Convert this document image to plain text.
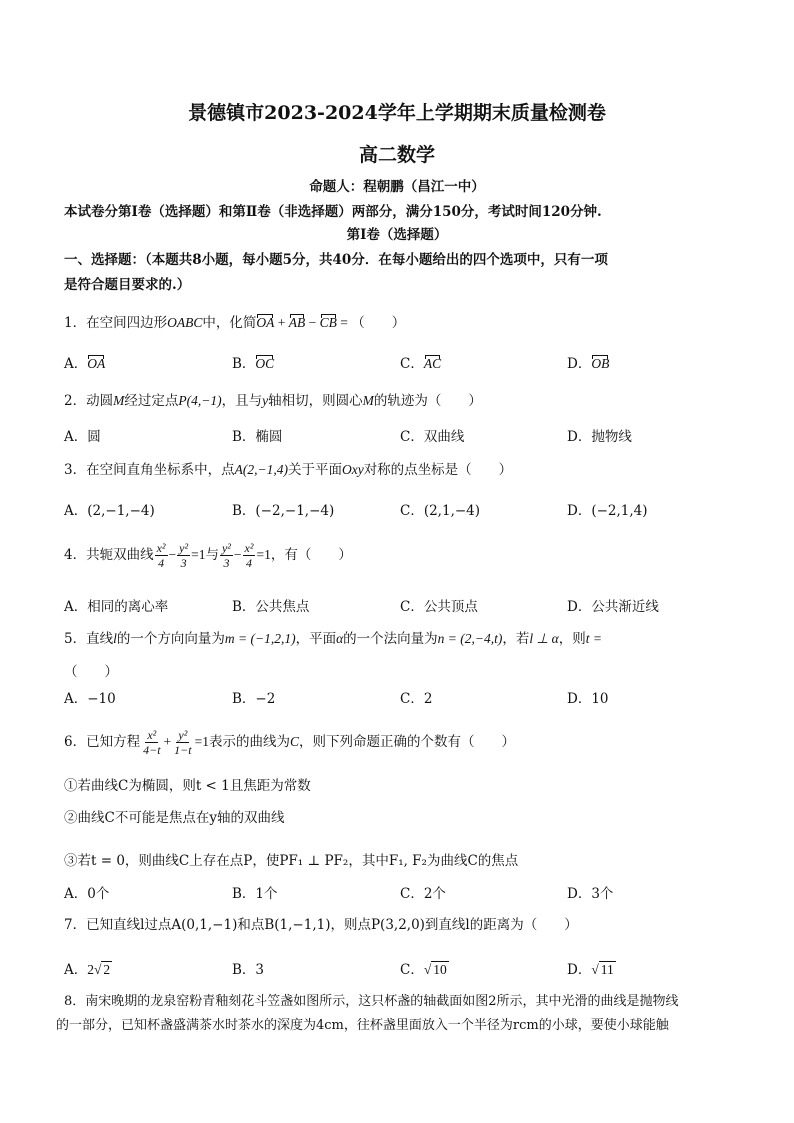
景德镇市2023-2024学年上学期期末质量检测卷
高二数学
命题人：程朝鹏（昌江一中）
本试卷分第Ⅰ卷（选择题）和第Ⅱ卷（非选择题）两部分，满分150分，考试时间120分钟.
第Ⅰ卷（选择题）
一、选择题：（本题共8小题，每小题5分，共40分．在每小题给出的四个选项中，只有一项
是符合题目要求的.）
1．在空间四边形OABC中，化简OA + AB − CB = （　　）
A．OA	B．OC	C．AC	D．OB
2．动圆M经过定点P(4,−1)，且与y轴相切，则圆心M的轨迹为（　　）
A．圆	B．椭圆	C．双曲线	D．抛物线
3．在空间直角坐标系中，点A(2,−1,4)关于平面Oxy对称的点坐标是（　　）
A．(2,−1,−4)	B．(−2,−1,−4)	C．(2,1,−4)	D．(−2,1,4)
4．共轭双曲线 $\frac{\text{x²}}{4} - \frac{\text{y²}}{3} =1$与 $\frac{\text{y²}}{3} - \frac{\text{x²}}{4} =1$，有（　　）
A．相同的离心率	B．公共焦点	C．公共顶点	D．公共渐近线
5．直线l的一个方向向量为m = (−1,2,1)，平面α的一个法向量为n = (2,−4,t)，若l ⊥ α，则t =
（　　）
A．−10	B．−2	C．2	D．10
6．已知方程 $\frac{\text{x²}}{4-t} + \frac{\text{y²}}{1-t} =1$表示的曲线为C，则下列命题正确的个数有（　　）
①若曲线C为椭圆，则t < 1且焦距为常数
②曲线C不可能是焦点在y轴的双曲线
③若t = 0，则曲线C上存在点P，使PF₁ ⊥ PF₂，其中F₁, F₂为曲线C的焦点
A．0个	B．1个	C．2个	D．3个
7．已知直线l过点A(0,1,−1)和点B(1,−1,1)，则点P(3,2,0)到直线l的距离为（　　）
A．2√ 2	B．3	C．√ 10	D．√ 11
8．南宋晚期的龙泉窑粉青釉刻花斗笠盏如图所示，这只杯盏的轴截面如图2所示，其中光滑的曲线是抛物线
的一部分，已知杯盏盛满茶水时茶水的深度为4cm，往杯盏里面放入一个半径为rcm的小球，要使小球能触
